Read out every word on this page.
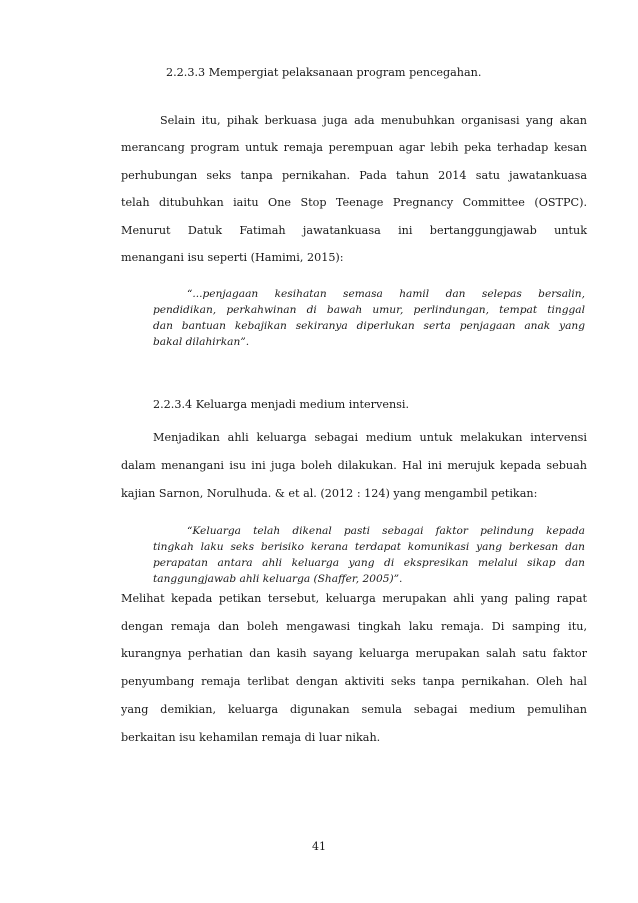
2.2.3.3 Mempergiat pelaksanaan program pencegahan.
Selain itu, pihak berkuasa juga ada menubuhkan organisasi yang akan
merancang program untuk remaja perempuan agar lebih peka terhadap kesan
perhubungan seks tanpa pernikahan. Pada tahun 2014 satu jawatankuasa
telah ditubuhkan iaitu One Stop Teenage Pregnancy Committee (OSTPC).
Menurut Datuk Fatimah jawatankuasa ini bertanggungjawab untuk
menangani isu seperti (Hamimi, 2015):
“...penjagaan kesihatan semasa hamil dan selepas bersalin,
pendidikan, perkahwinan di bawah umur, perlindungan, tempat tinggal
dan bantuan kebajikan sekiranya diperlukan serta penjagaan anak yang
bakal dilahirkan”.
2.2.3.4 Keluarga menjadi medium intervensi.
Menjadikan ahli keluarga sebagai medium untuk melakukan intervensi
dalam menangani isu ini juga boleh dilakukan. Hal ini merujuk kepada sebuah
kajian Sarnon, Norulhuda. & et al. (2012 : 124) yang mengambil petikan:
“Keluarga telah dikenal pasti sebagai faktor pelindung kepada
tingkah laku seks berisiko kerana terdapat komunikasi yang berkesan dan
perapatan antara ahli keluarga yang di ekspresikan melalui sikap dan
tanggungjawab ahli keluarga (Shaffer, 2005)”.
Melihat kepada petikan tersebut, keluarga merupakan ahli yang paling rapat
dengan remaja dan boleh mengawasi tingkah laku remaja. Di samping itu,
kurangnya perhatian dan kasih sayang keluarga merupakan salah satu faktor
penyumbang remaja terlibat dengan aktiviti seks tanpa pernikahan. Oleh hal
yang demikian, keluarga digunakan semula sebagai medium pemulihan
berkaitan isu kehamilan remaja di luar nikah.
41
